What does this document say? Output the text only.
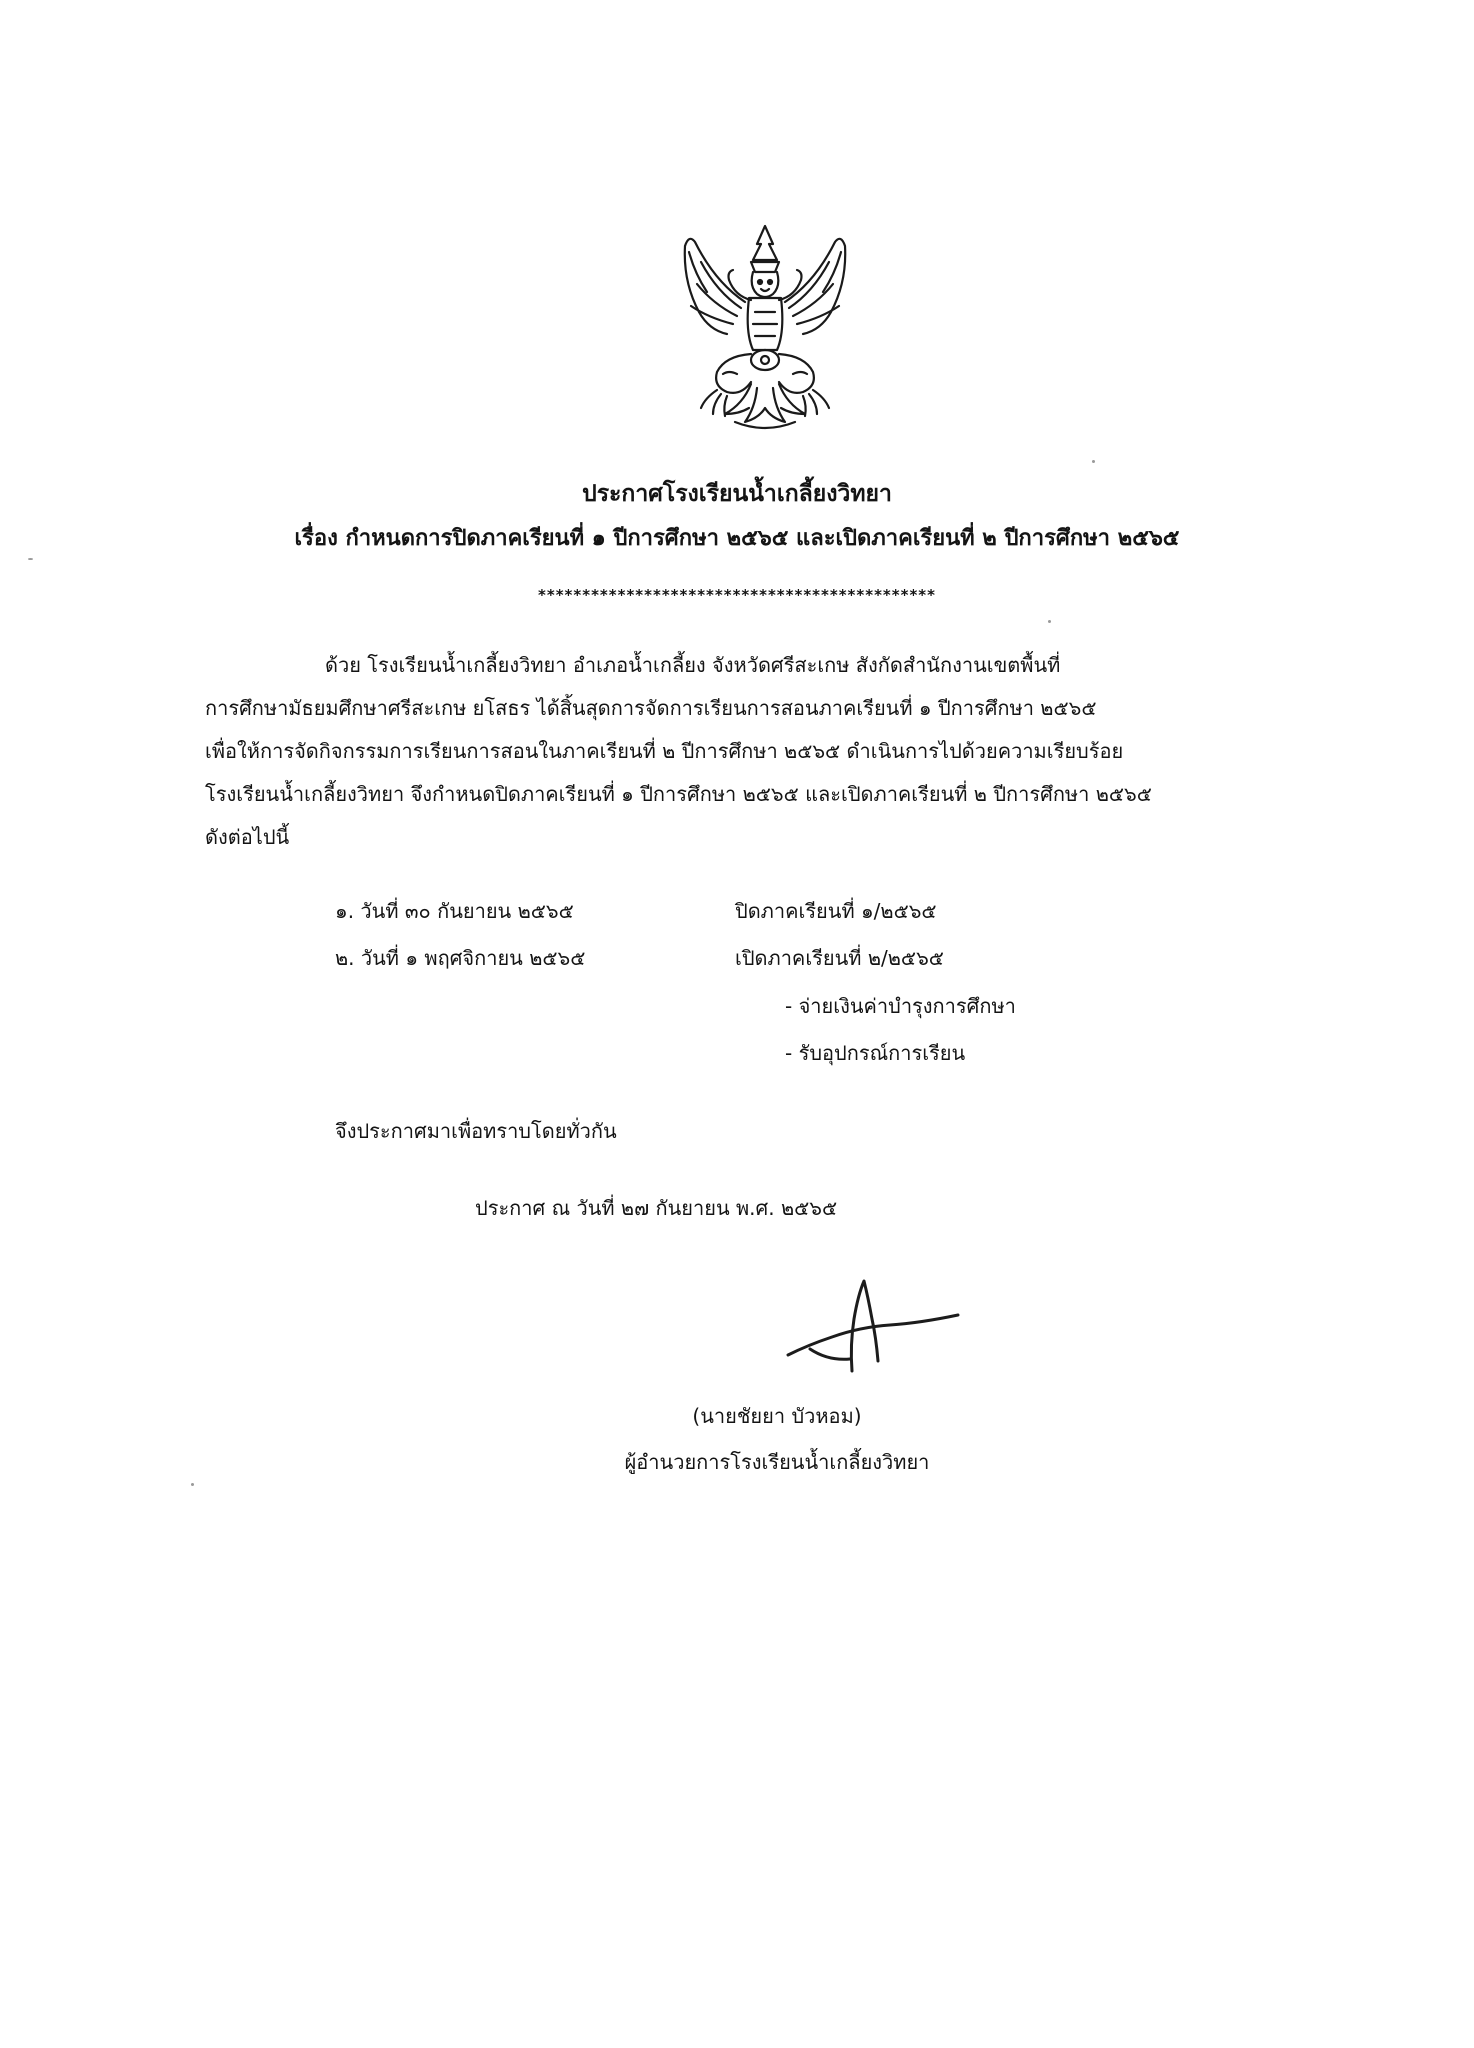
ประกาศโรงเรียนน้ำเกลี้ยงวิทยา
เรื่อง กำหนดการปิดภาคเรียนที่ ๑ ปีการศึกษา ๒๕๖๕ และเปิดภาคเรียนที่ ๒ ปีการศึกษา ๒๕๖๕
*********************************************
ด้วย โรงเรียนน้ำเกลี้ยงวิทยา อำเภอน้ำเกลี้ยง จังหวัดศรีสะเกษ สังกัดสำนักงานเขตพื้นที่
การศึกษามัธยมศึกษาศรีสะเกษ ยโสธร ได้สิ้นสุดการจัดการเรียนการสอนภาคเรียนที่ ๑ ปีการศึกษา ๒๕๖๕
เพื่อให้การจัดกิจกรรมการเรียนการสอนในภาคเรียนที่ ๒ ปีการศึกษา ๒๕๖๕ ดำเนินการไปด้วยความเรียบร้อย
โรงเรียนน้ำเกลี้ยงวิทยา จึงกำหนดปิดภาคเรียนที่ ๑ ปีการศึกษา ๒๕๖๕ และเปิดภาคเรียนที่ ๒ ปีการศึกษา ๒๕๖๕
ดังต่อไปนี้
๑. วันที่ ๓๐ กันยายน ๒๕๖๕	ปิดภาคเรียนที่ ๑/๒๕๖๕
๒. วันที่ ๑ พฤศจิกายน ๒๕๖๕	เปิดภาคเรียนที่ ๒/๒๕๖๕
- จ่ายเงินค่าบำรุงการศึกษา
- รับอุปกรณ์การเรียน
จึงประกาศมาเพื่อทราบโดยทั่วกัน
ประกาศ ณ วันที่ ๒๗ กันยายน พ.ศ. ๒๕๖๕
(นายชัยยา บัวหอม)
ผู้อำนวยการโรงเรียนน้ำเกลี้ยงวิทยา
